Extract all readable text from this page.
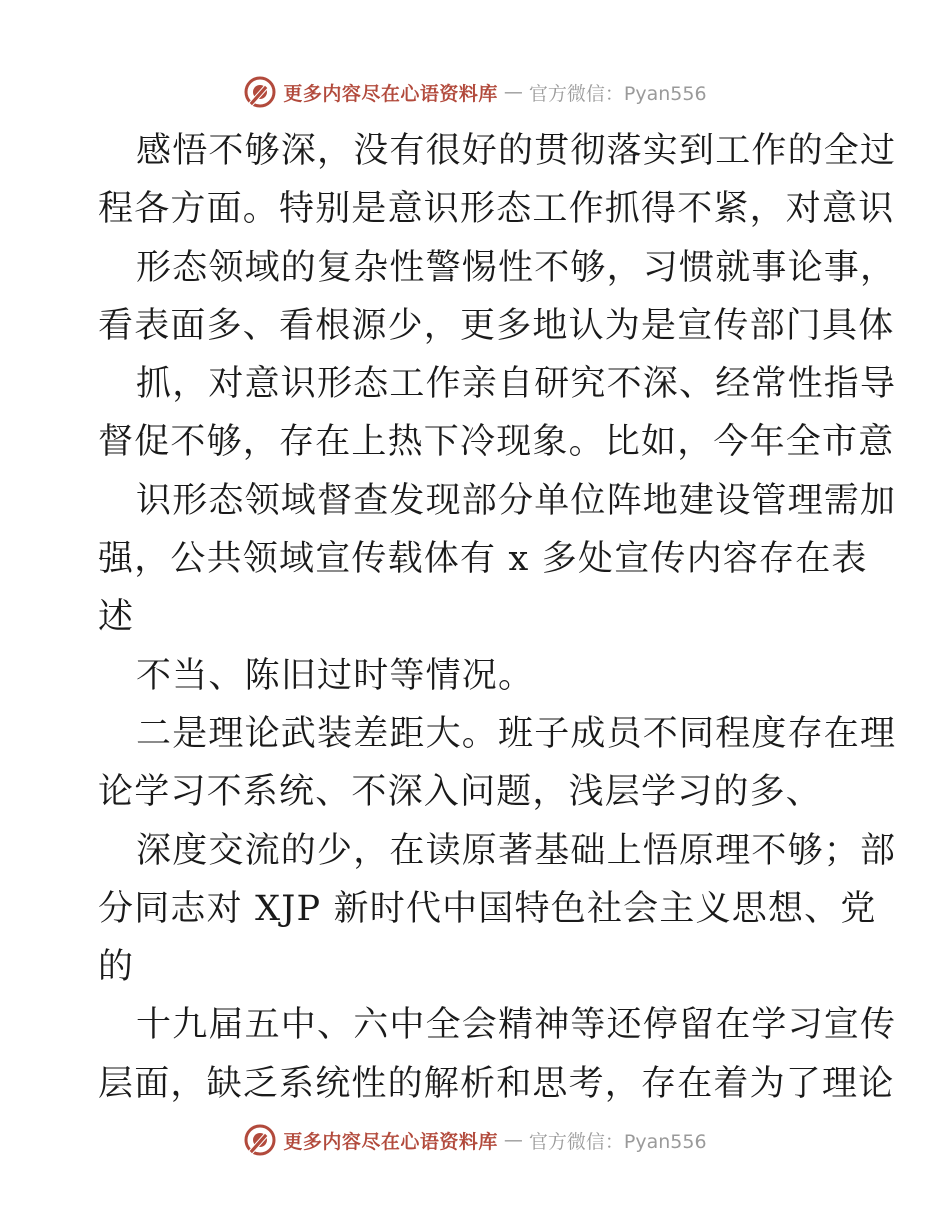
更多内容尽在心语资料库 — 官方微信：Pyan556
感悟不够深，没有很好的贯彻落实到工作的全过
程各方面。特别是意识形态工作抓得不紧，对意识
形态领域的复杂性警惕性不够，习惯就事论事，
看表面多、看根源少，更多地认为是宣传部门具体
抓，对意识形态工作亲自研究不深、经常性指导
督促不够，存在上热下冷现象。比如，今年全市意
识形态领域督查发现部分单位阵地建设管理需加
强，公共领域宣传载体有 x 多处宣传内容存在表
述
不当、陈旧过时等情况。
二是理论武装差距大。班子成员不同程度存在理
论学习不系统、不深入问题，浅层学习的多、
深度交流的少，在读原著基础上悟原理不够；部
分同志对 XJP 新时代中国特色社会主义思想、党
的
十九届五中、六中全会精神等还停留在学习宣传
层面，缺乏系统性的解析和思考，存在着为了理论
更多内容尽在心语资料库 — 官方微信：Pyan556
